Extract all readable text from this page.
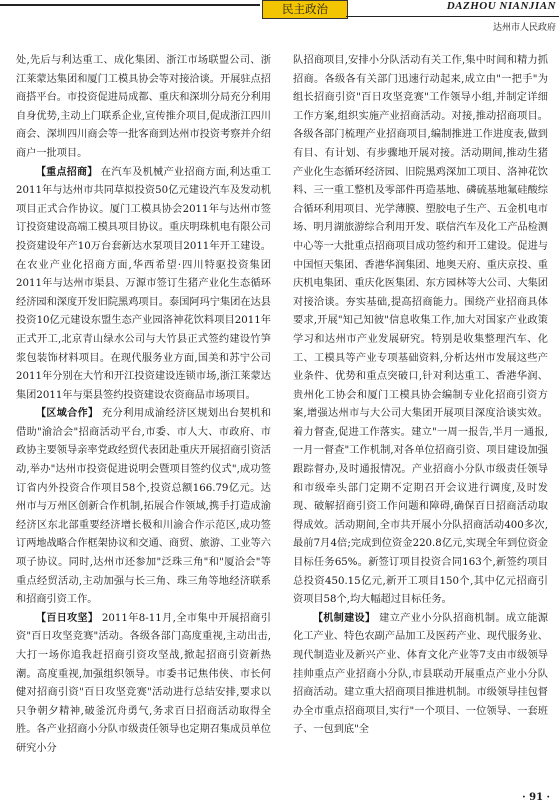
民主政治	DAZHOU NIANJIAN
达州市人民政府

处,先后与利达重工、成化集团、浙江市场联盟公司、浙江莱蒙达集团和厦门工模具协会等对接洽谈。开展驻点招商搭平台。市投资促进局成都、重庆和深圳分局充分利用自身优势,主动上门联系企业,宣传推介项目,促成浙江四川商会、深圳四川商会等一批客商到达州市投资考察并介绍商户一批项目。

【重点招商】 在汽车及机械产业招商方面,利达重工2011年与达州市共同草拟投资50亿元建设汽车及发动机项目正式合作协议。厦门工模具协会2011年与达州市签订投资建设高端工模具项目协议。重庆明珠机电有限公司投资建设年产10万台套新达水泵项目2011年开工建设。在农业产业化招商方面,华西希望·四川特驱投资集团2011年与达州市渠县、万源市签订生猪产业化生态循环经济园和深度开发旧院黑鸡项目。泰国阿玛宁集团在达县投资10亿元建设东盟生态产业园洛神花饮料项目2011年正式开工,北京青山绿水公司与大竹县正式签约建设竹笋浆包装饰材料项目。在现代服务业方面,国美和苏宁公司2011年分别在大竹和开江投资建设连锁市场,浙江莱蒙达集团2011年与渠县签约投资建设农资商品市场项目。

【区域合作】 充分利用成渝经济区规划出台契机和借助"渝洽会"招商活动平台,市委、市人大、市政府、市政协主要领导亲率党政经贸代表团赴重庆开展招商引资活动,举办"达州市投资促进说明会暨项目签约仪式",成功签订省内外投资合作项目58个,投资总额166.79亿元。达州市与万州区创新合作机制,拓展合作领域,携手打造成渝经济区东北部重要经济增长极和川渝合作示范区,成功签订两地战略合作框架协议和交通、商贸、旅游、工业等六项子协议。同时,达州市还参加"泛珠三角"和"厦洽会"等重点经贸活动,主动加强与长三角、珠三角等地经济联系和招商引资工作。

【百日攻坚】 2011年8-11月,全市集中开展招商引资"百日攻坚竞赛"活动。各级各部门高度重视,主动出击,大打一场你追我赶招商引资攻坚战,掀起招商引资新热潮。高度重视,加强组织领导。市委书记焦伟侠、市长何健对招商引资"百日攻坚竞赛"活动进行总结安排,要求以只争朝夕精神,破釜沉舟勇气,务求百日招商活动取得全胜。各产业招商小分队市级责任领导也定期召集成员单位研究小分

队招商项目,安排小分队活动有关工作,集中时间和精力抓招商。各级各有关部门迅速行动起来,成立由"一把手"为组长招商引资"百日攻坚竞赛"工作领导小组,并制定详细工作方案,组织实施产业招商活动。对接,推动招商项目。各级各部门梳理产业招商项目,编制推进工作进度表,做到有目、有计划、有步骤地开展对接。活动期间,推动生猪产业化生态循环经济园、旧院黑鸡深加工项目、洛神花饮料、三一重工整机及零部件再造基地、磷硫基地氟硅酸综合循环利用项目、光学薄膜、塑胶电子生产、五金机电市场、明月湖旅游综合利用开发、联信汽车及化工产品检测中心等一大批重点招商项目成功签约和开工建设。促进与中国恒天集团、香港华润集团、地奥天府、重庆京投、重庆机电集团、重庆化医集团、东方园林等大公司、大集团对接洽谈。夯实基础,提高招商能力。围绕产业招商具体要求,开展"知己知彼"信息收集工作,加大对国家产业政策学习和达州市产业发展研究。特别是收集整理汽车、化工、工模具等产业专项基础资料,分析达州市发展这些产业条件、优势和重点突破口,针对利达重工、香港华润、贵州化工协会和厦门工模具协会编制专业化招商引资方案,增强达州市与大公司大集团开展项目深度洽谈实效。着力督查,促进工作落实。建立"一周一报告,半月一通报,一月一督查"工作机制,对各单位招商引资、项目建设加强跟踪督办,及时通报情况。产业招商小分队市级责任领导和市级牵头部门定期不定期召开会议进行调度,及时发现、破解招商引资工作问题和障碍,确保百日招商活动取得成效。活动期间,全市共开展小分队招商活动400多次,最前7月4倍;完成到位资金220.8亿元,实现全年到位资金目标任务65%。新签订项目投资合同163个,新签约项目总投资450.15亿元,新开工项目150个,其中亿元招商引资项目58个,均大幅超过目标任务。

【机制建设】 建立产业小分队招商机制。成立能源化工产业、特色农副产品加工及医药产业、现代服务业、现代制造业及新兴产业、体育文化产业等7支由市级领导挂帅重点产业招商小分队,市县联动开展重点产业小分队招商活动。建立重大招商项目推进机制。市级领导挂包督办全市重点招商项目,实行"一个项目、一位领导、一套班子、一包到底"全

· 91 ·
